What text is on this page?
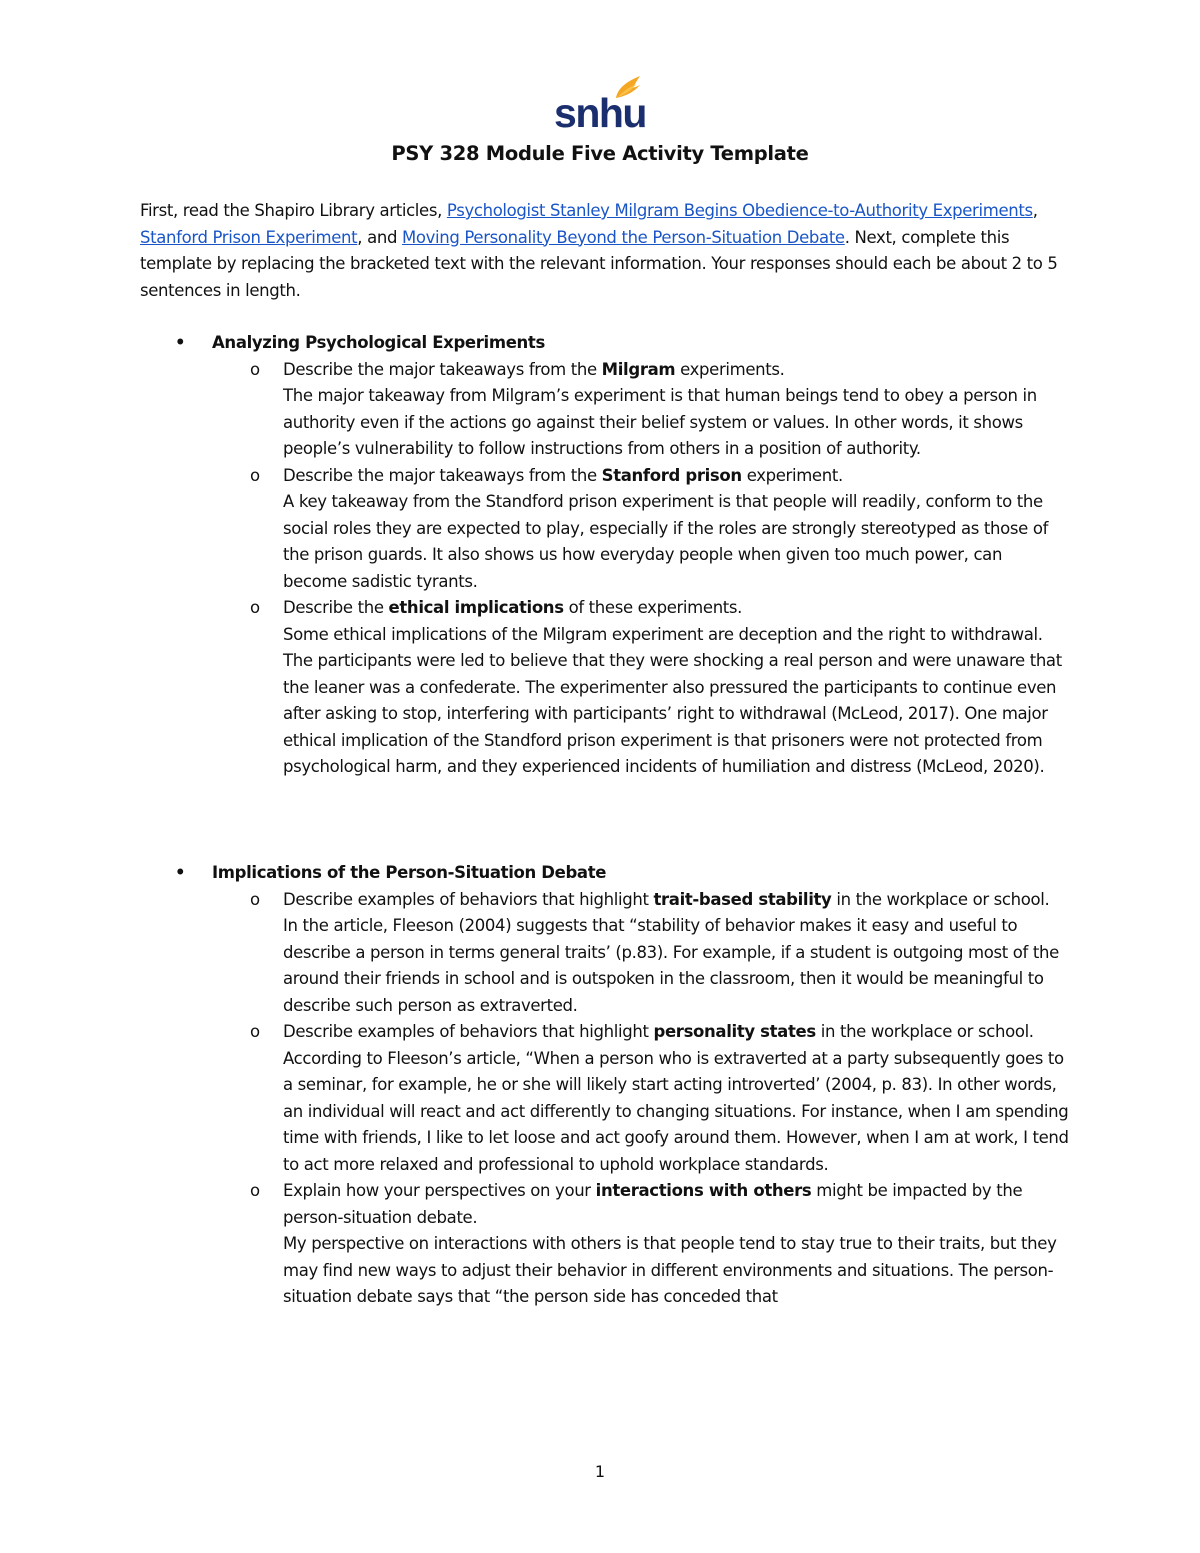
snhu
PSY 328 Module Five Activity Template

First, read the Shapiro Library articles, Psychologist Stanley Milgram Begins Obedience-to-Authority Experiments, Stanford Prison Experiment, and Moving Personality Beyond the Person-Situation Debate. Next, complete this template by replacing the bracketed text with the relevant information. Your responses should each be about 2 to 5 sentences in length.

• Analyzing Psychological Experiments
o Describe the major takeaways from the Milgram experiments.

The major takeaway from Milgram’s experiment is that human beings tend to obey a person in authority even if the actions go against their belief system or values. In other words, it shows people’s vulnerability to follow instructions from others in a position of authority.

o Describe the major takeaways from the Stanford prison experiment.

A key takeaway from the Standford prison experiment is that people will readily, conform to the social roles they are expected to play, especially if the roles are strongly stereotyped as those of the prison guards. It also shows us how everyday people when given too much power, can become sadistic tyrants.

o Describe the ethical implications of these experiments.

Some ethical implications of the Milgram experiment are deception and the right to withdrawal. The participants were led to believe that they were shocking a real person and were unaware that the leaner was a confederate. The experimenter also pressured the participants to continue even after asking to stop, interfering with participants’ right to withdrawal (McLeod, 2017). One major ethical implication of the Standford prison experiment is that prisoners were not protected from psychological harm, and they experienced incidents of humiliation and distress (McLeod, 2020).

• Implications of the Person-Situation Debate
o Describe examples of behaviors that highlight trait-based stability in the workplace or school.

In the article, Fleeson (2004) suggests that “stability of behavior makes it easy and useful to describe a person in terms general traits’ (p.83). For example, if a student is outgoing most of the around their friends in school and is outspoken in the classroom, then it would be meaningful to describe such person as extraverted.

o Describe examples of behaviors that highlight personality states in the workplace or school.

According to Fleeson’s article, “When a person who is extraverted at a party subsequently goes to a seminar, for example, he or she will likely start acting introverted’ (2004, p. 83). In other words, an individual will react and act differently to changing situations. For instance, when I am spending time with friends, I like to let loose and act goofy around them. However, when I am at work, I tend to act more relaxed and professional to uphold workplace standards.

o Explain how your perspectives on your interactions with others might be impacted by the person-situation debate.

My perspective on interactions with others is that people tend to stay true to their traits, but they may find new ways to adjust their behavior in different environments and situations. The person-situation debate says that “the person side has conceded that

1
